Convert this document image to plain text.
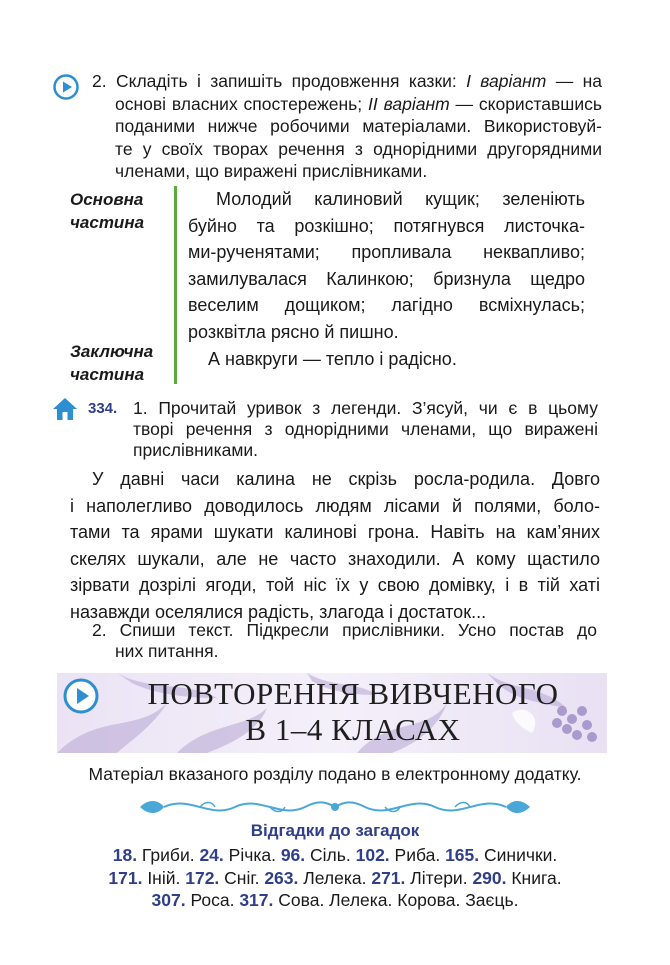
2. Складіть і запишіть продовження казки: І варіант — на
основі власних спостережень; ІІ варіант — скориставшись
поданими нижче робочими матеріалами. Використовуй-
те у своїх творах речення з однорідними другорядними
членами, що виражені прислівниками.
Основна
частина
Молодий калиновий кущик; зеленіють
буйно та розкішно; потягнувся листочка-
ми-рученятами; пропливала неквапливо;
замилувалася Калинкою; бризнула щедро
веселим дощиком; лагідно всміхнулась;
розквітла рясно й пишно.
Заключна
частина
А навкруги — тепло і радісно.
334. 1. Прочитай уривок з легенди. З’ясуй, чи є в цьому
творі речення з однорідними членами, що виражені
прислівниками.
У давні часи калина не скрізь росла-родила. Довго
і наполегливо доводилось людям лісами й полями, боло-
тами та ярами шукати калинові грона. Навіть на кам’яних
скелях шукали, але не часто знаходили. А кому щастило
зірвати дозрілі ягоди, той ніс їх у свою домівку, і в тій хаті
назавжди оселялися радість, злагода і достаток...
2. Спиши текст. Підкресли прислівники. Усно постав до
них питання.
ПОВТОРЕННЯ ВИВЧЕНОГО
В 1–4 КЛАСАХ
Матеріал вказаного розділу подано в електронному додатку.
Відгадки до загадок
18. Гриби. 24. Річка. 96. Сіль. 102. Риба. 165. Синички.
171. Іній. 172. Сніг. 263. Лелека. 271. Літери. 290. Книга.
307. Роса. 317. Сова. Лелека. Корова. Заєць.
